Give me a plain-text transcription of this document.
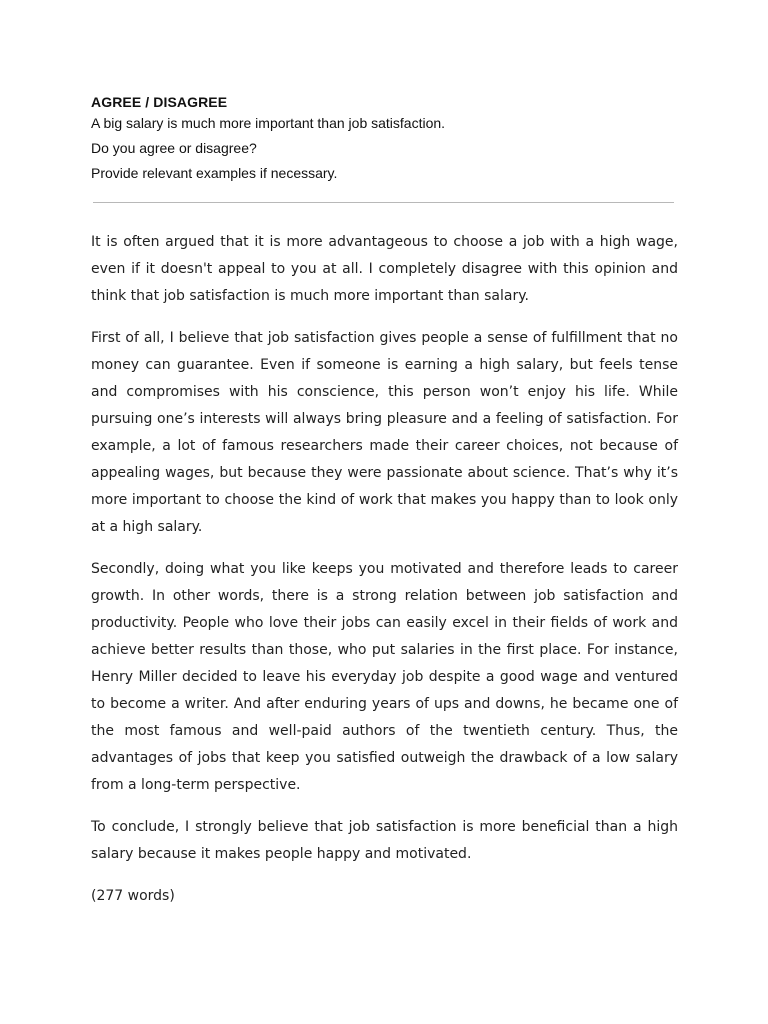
AGREE / DISAGREE
A big salary is much more important than job satisfaction.
Do you agree or disagree?
Provide relevant examples if necessary.

It is often argued that it is more advantageous to choose a job with a high wage, even if it doesn't appeal to you at all. I completely disagree with this opinion and think that job satisfaction is much more important than salary.

First of all, I believe that job satisfaction gives people a sense of fulfillment that no money can guarantee. Even if someone is earning a high salary, but feels tense and compromises with his conscience, this person won’t enjoy his life. While pursuing one’s interests will always bring pleasure and a feeling of satisfaction. For example, a lot of famous researchers made their career choices, not because of appealing wages, but because they were passionate about science. That’s why it’s more important to choose the kind of work that makes you happy than to look only at a high salary.

Secondly, doing what you like keeps you motivated and therefore leads to career growth. In other words, there is a strong relation between job satisfaction and productivity. People who love their jobs can easily excel in their fields of work and achieve better results than those, who put salaries in the first place. For instance, Henry Miller decided to leave his everyday job despite a good wage and ventured to become a writer. And after enduring years of ups and downs, he became one of the most famous and well-paid authors of the twentieth century. Thus, the advantages of jobs that keep you satisfied outweigh the drawback of a low salary from a long-term perspective.

To conclude, I strongly believe that job satisfaction is more beneficial than a high salary because it makes people happy and motivated.

(277 words)
